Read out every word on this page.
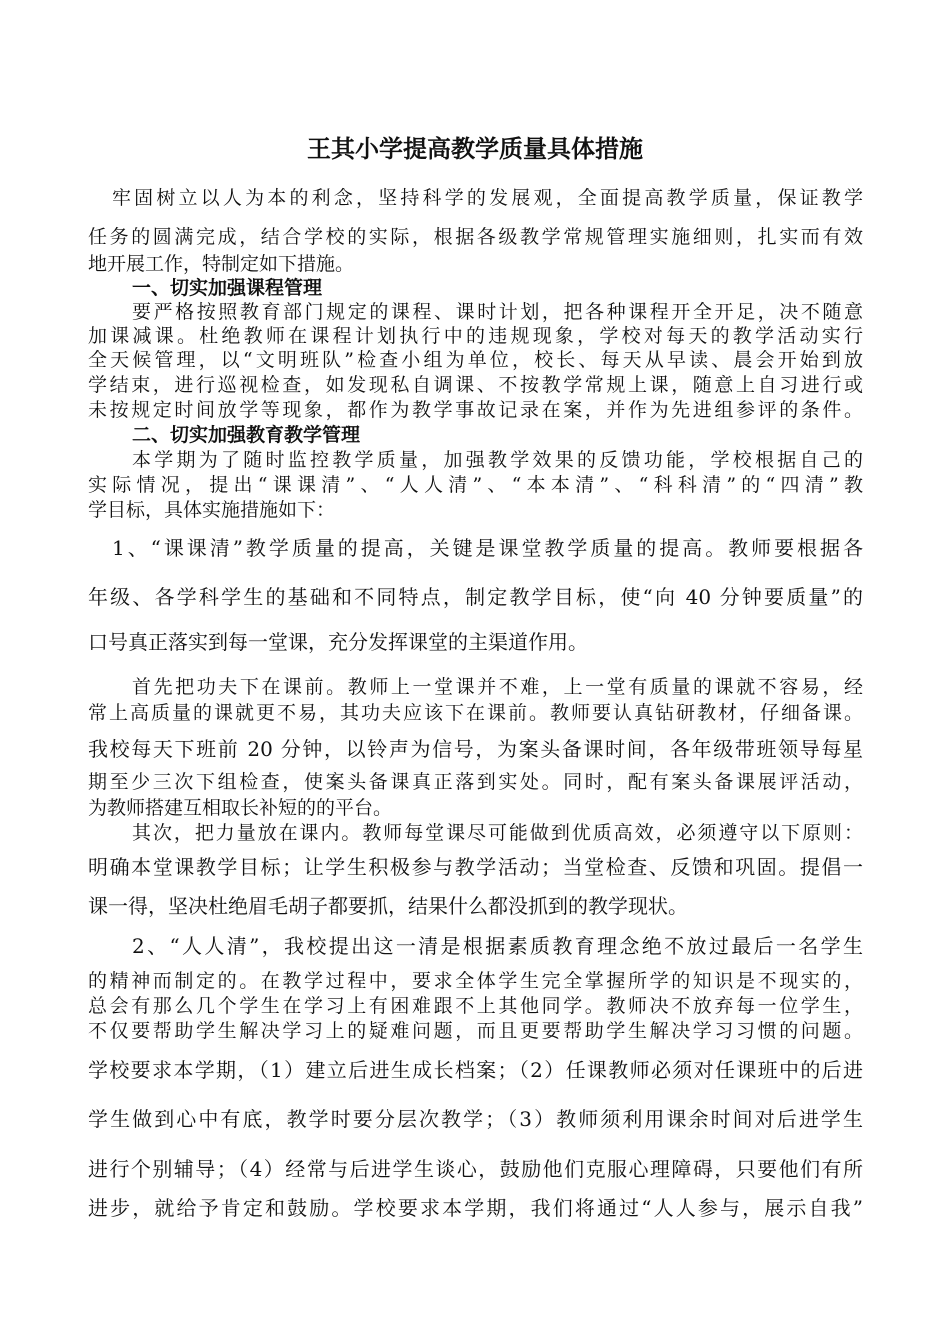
王其小学提高教学质量具体措施
牢固树立以人为本的利念，坚持科学的发展观，全面提高教学质量，保证教学
任务的圆满完成，结合学校的实际，根据各级教学常规管理实施细则，扎实而有效
地开展工作，特制定如下措施。
一、切实加强课程管理
要严格按照教育部门规定的课程、课时计划，把各种课程开全开足，决不随意
加课减课。杜绝教师在课程计划执行中的违规现象，学校对每天的教学活动实行
全天候管理，以“文明班队”检查小组为单位，校长、每天从早读、晨会开始到放
学结束，进行巡视检查，如发现私自调课、不按教学常规上课，随意上自习进行或
未按规定时间放学等现象，都作为教学事故记录在案，并作为先进组参评的条件。
二、切实加强教育教学管理
本学期为了随时监控教学质量，加强教学效果的反馈功能，学校根据自己的
实际情况，提出“课课清”、“人人清”、“本本清”、“科科清”的“四清”教
学目标，具体实施措施如下：
1、“课课清”教学质量的提高，关键是课堂教学质量的提高。教师要根据各
年级、各学科学生的基础和不同特点，制定教学目标，使“向 40 分钟要质量”的
口号真正落实到每一堂课，充分发挥课堂的主渠道作用。
首先把功夫下在课前。教师上一堂课并不难，上一堂有质量的课就不容易，经
常上高质量的课就更不易，其功夫应该下在课前。教师要认真钻研教材，仔细备课。
我校每天下班前 20 分钟，以铃声为信号，为案头备课时间，各年级带班领导每星
期至少三次下组检查，使案头备课真正落到实处。同时，配有案头备课展评活动，
为教师搭建互相取长补短的的平台。
其次，把力量放在课内。教师每堂课尽可能做到优质高效，必须遵守以下原则：
明确本堂课教学目标；让学生积极参与教学活动；当堂检查、反馈和巩固。提倡一
课一得，坚决杜绝眉毛胡子都要抓，结果什么都没抓到的教学现状。
2、“人人清”，我校提出这一清是根据素质教育理念绝不放过最后一名学生
的精神而制定的。在教学过程中，要求全体学生完全掌握所学的知识是不现实的，
总会有那么几个学生在学习上有困难跟不上其他同学。教师决不放弃每一位学生，
不仅要帮助学生解决学习上的疑难问题，而且更要帮助学生解决学习习惯的问题。
学校要求本学期，（1）建立后进生成长档案；（2）任课教师必须对任课班中的后进
学生做到心中有底，教学时要分层次教学；（3）教师须利用课余时间对后进学生
进行个别辅导；（4）经常与后进学生谈心，鼓励他们克服心理障碍，只要他们有所
进步，就给予肯定和鼓励。学校要求本学期，我们将通过“人人参与，展示自我”
